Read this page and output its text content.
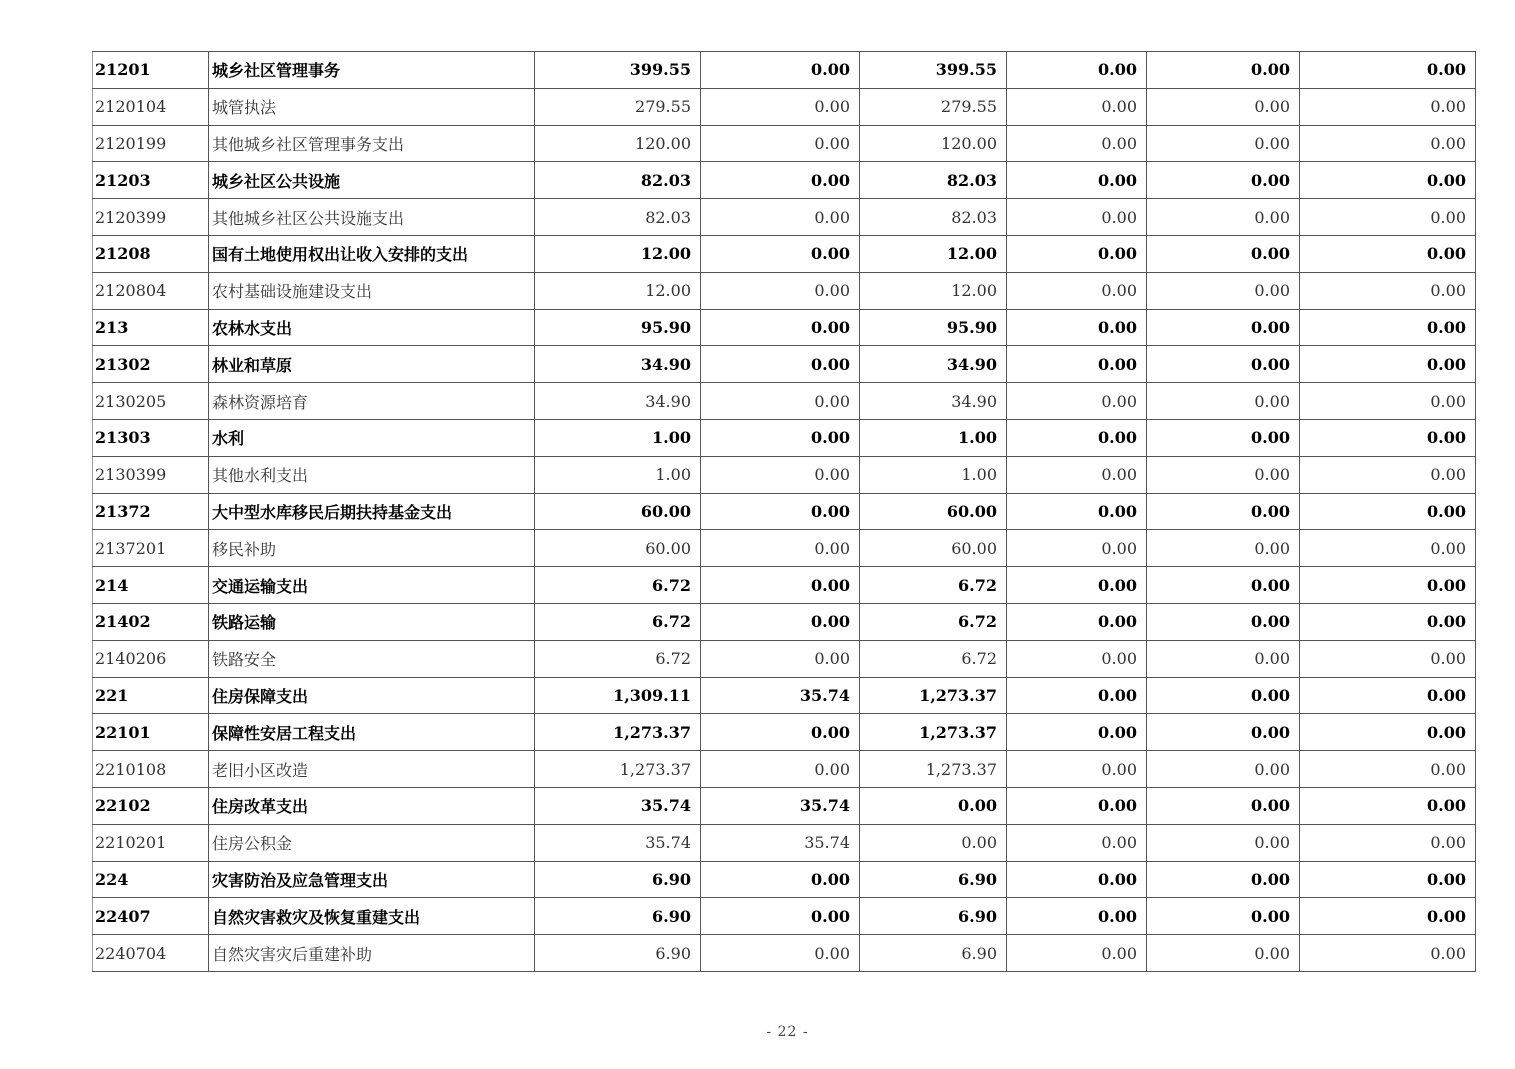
21201	城乡社区管理事务	399.55	0.00	399.55	0.00	0.00	0.00
2120104	城管执法	279.55	0.00	279.55	0.00	0.00	0.00
2120199	其他城乡社区管理事务支出	120.00	0.00	120.00	0.00	0.00	0.00
21203	城乡社区公共设施	82.03	0.00	82.03	0.00	0.00	0.00
2120399	其他城乡社区公共设施支出	82.03	0.00	82.03	0.00	0.00	0.00
21208	国有土地使用权出让收入安排的支出	12.00	0.00	12.00	0.00	0.00	0.00
2120804	农村基础设施建设支出	12.00	0.00	12.00	0.00	0.00	0.00
213	农林水支出	95.90	0.00	95.90	0.00	0.00	0.00
21302	林业和草原	34.90	0.00	34.90	0.00	0.00	0.00
2130205	森林资源培育	34.90	0.00	34.90	0.00	0.00	0.00
21303	水利	1.00	0.00	1.00	0.00	0.00	0.00
2130399	其他水利支出	1.00	0.00	1.00	0.00	0.00	0.00
21372	大中型水库移民后期扶持基金支出	60.00	0.00	60.00	0.00	0.00	0.00
2137201	移民补助	60.00	0.00	60.00	0.00	0.00	0.00
214	交通运输支出	6.72	0.00	6.72	0.00	0.00	0.00
21402	铁路运输	6.72	0.00	6.72	0.00	0.00	0.00
2140206	铁路安全	6.72	0.00	6.72	0.00	0.00	0.00
221	住房保障支出	1,309.11	35.74	1,273.37	0.00	0.00	0.00
22101	保障性安居工程支出	1,273.37	0.00	1,273.37	0.00	0.00	0.00
2210108	老旧小区改造	1,273.37	0.00	1,273.37	0.00	0.00	0.00
22102	住房改革支出	35.74	35.74	0.00	0.00	0.00	0.00
2210201	住房公积金	35.74	35.74	0.00	0.00	0.00	0.00
224	灾害防治及应急管理支出	6.90	0.00	6.90	0.00	0.00	0.00
22407	自然灾害救灾及恢复重建支出	6.90	0.00	6.90	0.00	0.00	0.00
2240704	自然灾害灾后重建补助	6.90	0.00	6.90	0.00	0.00	0.00
- 22 -
